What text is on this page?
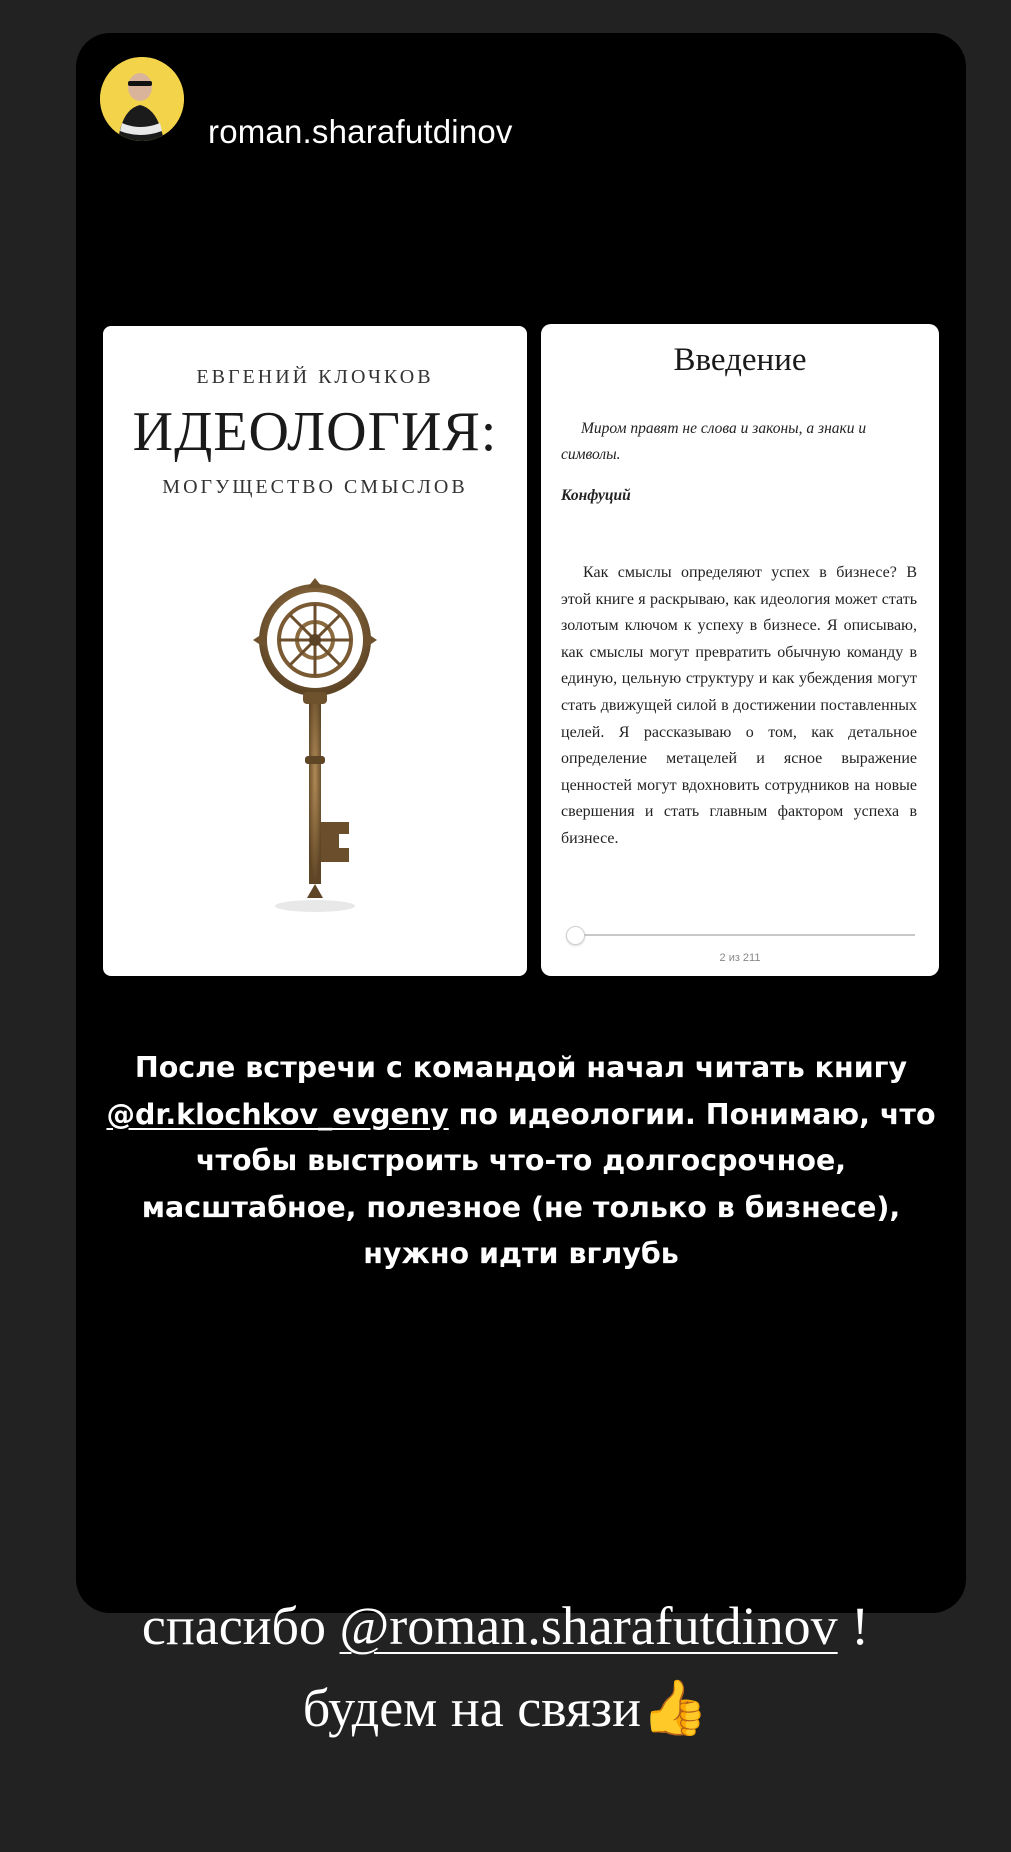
roman.sharafutdinov
ЕВГЕНИЙ КЛОЧКОВ
ИДЕОЛОГИЯ:
МОГУЩЕСТВО СМЫСЛОВ
Введение
Миром правят не слова и законы, а знаки и символы.
Конфуций
Как смыслы определяют успех в бизнесе? В этой книге я раскрываю, как идеология может стать золотым ключом к успеху в бизнесе. Я описываю, как смыслы могут превратить обычную команду в единую, цельную структуру и как убеждения могут стать движущей силой в достижении поставленных целей. Я рассказываю о том, как детальное определение метацелей и ясное выражение ценностей могут вдохновить сотрудников на новые свершения и стать главным фактором успеха в бизнесе.
2 из 211
После встречи с командой начал читать книгу @dr.klochkov_evgeny по идеологии. Понимаю, что чтобы выстроить что-то долгосрочное, масштабное, полезное (не только в бизнесе), нужно идти вглубь
спасибо @roman.sharafutdinov !
будем на связи👍
